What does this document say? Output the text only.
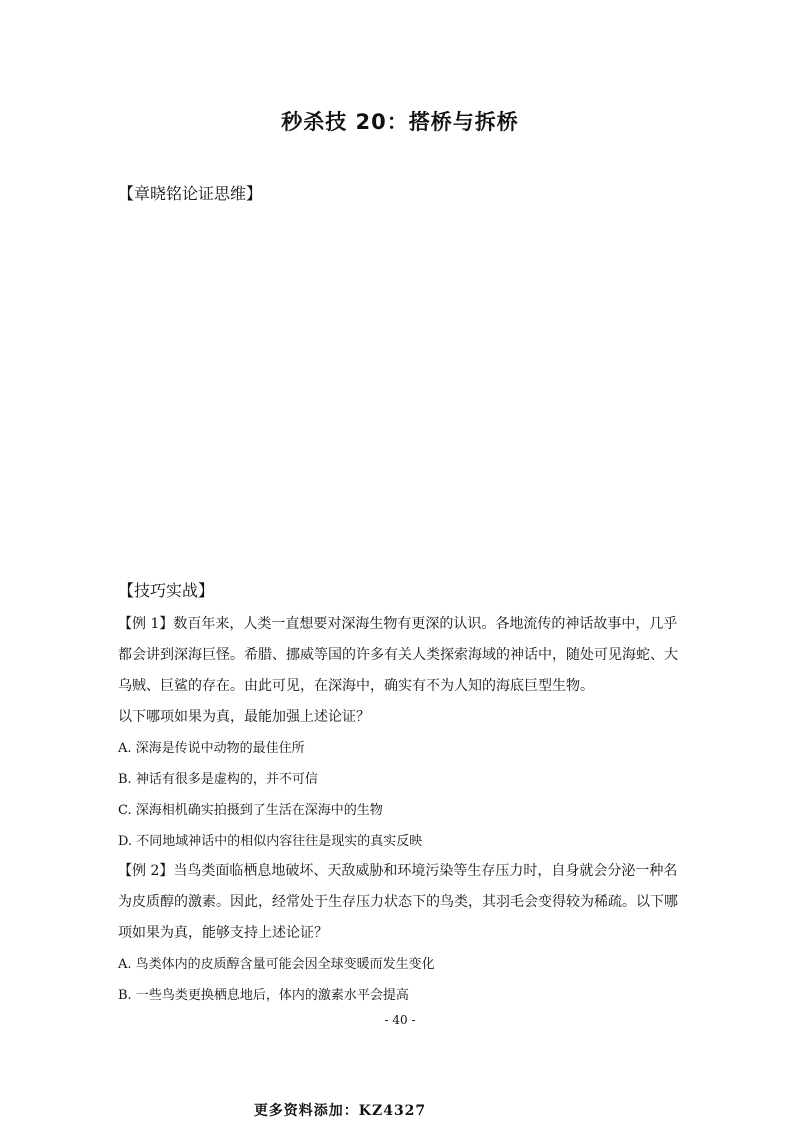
秒杀技 20：搭桥与拆桥
【章晓铭论证思维】
【技巧实战】
【例 1】数百年来，人类一直想要对深海生物有更深的认识。各地流传的神话故事中，几乎
都会讲到深海巨怪。希腊、挪威等国的许多有关人类探索海域的神话中，随处可见海蛇、大
乌贼、巨鲨的存在。由此可见，在深海中，确实有不为人知的海底巨型生物。
以下哪项如果为真，最能加强上述论证？
A. 深海是传说中动物的最佳住所
B. 神话有很多是虚构的，并不可信
C. 深海相机确实拍摄到了生活在深海中的生物
D. 不同地域神话中的相似内容往往是现实的真实反映
【例 2】当鸟类面临栖息地破坏、天敌威胁和环境污染等生存压力时，自身就会分泌一种名
为皮质醇的激素。因此，经常处于生存压力状态下的鸟类，其羽毛会变得较为稀疏。以下哪
项如果为真，能够支持上述论证？
A. 鸟类体内的皮质醇含量可能会因全球变暖而发生变化
B. 一些鸟类更换栖息地后，体内的激素水平会提高
- 40 -
更多资料添加：KZ4327
